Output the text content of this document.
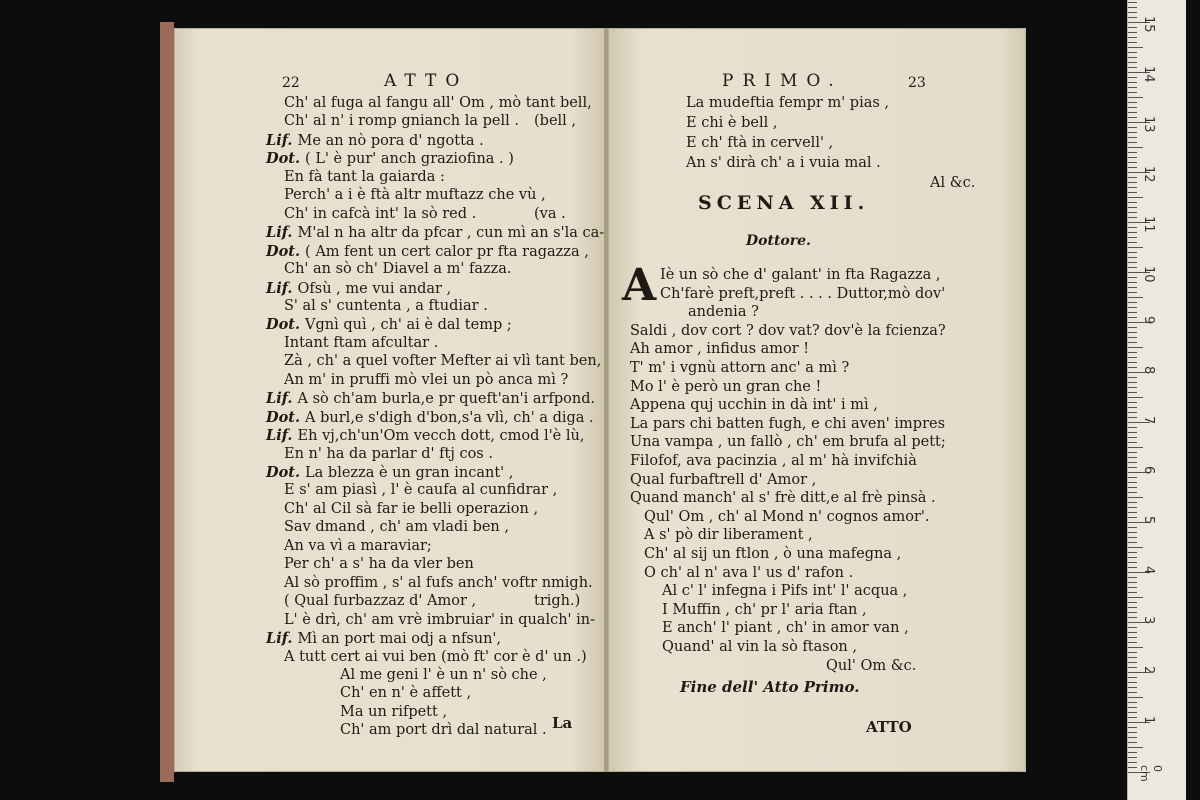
22	ATTO
Ch' al fuga al fangu all' Om , mò tant bell,
Ch' al n' i romp gnianch la pell . (bell ,
Lif. Me an nò pora d' ngotta .
Dot. ( L' è pur' anch graziofina . )
En fà tant la gaiarda :
Perch' a i è ftà altr muftazz che vù ,
Ch' in cafcà int' la sò red .	(va .
Lif. M'al n ha altr da pfcar , cun mì an s'la ca-
Dot. ( Am fent un cert calor pr fta ragazza ,
Ch' an sò ch' Diavel a m' fazza.
Lif. Ofsù , me vui andar ,
S' al s' cuntenta , a ftudiar .
Dot. Vgnì quì , ch' ai è dal temp ;
Intant ftam afcultar .
Zà , ch' a quel vofter Mefter ai vlì tant ben,
An m' in pruffi mò vlei un pò anca mì ?
Lif. A sò ch'am burla,e pr queft'an'i arfpond.
Dot. A burl,e s'digh d'bon,s'a vlì, ch' a diga .
Lif. Eh vj,ch'un'Om vecch dott, cmod l'è lù,
En n' ha da parlar d' ftj cos .
Dot. La blezza è un gran incant' ,
E s' am piasì , l' è caufa al cunfidrar ,
Ch' al Cil sà far ie belli operazion ,
Sav dmand , ch' am vladi ben ,
An va vì a maraviar;
Per ch' a s' ha da vler ben
Al sò proffim , s' al fufs anch' voftr nmigh.
( Qual furbazzaz d' Amor ,	trigh.)
L' è drì, ch' am vrè imbruiar' in qualch' in-
Lif. Mì an port mai odj a nfsun',
A tutt cert ai vui ben (mò ft' cor è d' un .)
Al me geni l' è un n' sò che ,
Ch' en n' è affett ,
Ma un rifpett ,
Ch' am port drì dal natural . La
PRIMO.	23
La mudeftia fempr m' pias ,
E chi è bell ,
E ch' ftà in cervell' ,
An s' dirà ch' a i vuia mal .
Al &c.
SCENA XII.
Dottore.
A Iè un sò che d' galant' in fta Ragazza ,
Ch'farè preft,preft . . . . Duttor,mò dov'
andenia ?
Saldi , dov cort ? dov vat? dov'è la fcienza?
Ah amor , infidus amor !
T' m' i vgnù attorn anc' a mì ?
Mo l' è però un gran che !
Appena quj ucchin in dà int' i mì ,
La pars chi batten fugh, e chi aven' impres
Una vampa , un fallò , ch' em brufa al pett;
Filofof, ava pacinzia , al m' hà invifchià
Qual furbaftrell d' Amor ,
Quand manch' al s' frè ditt,e al frè pinsà .
Qul' Om , ch' al Mond n' cognos amor'.
A s' pò dir liberament ,
Ch' al sij un ftlon , ò una mafegna ,
O ch' al n' ava l' us d' rafon .
Al c' l' infegna i Pifs int' l' acqua ,
I Muffin , ch' pr l' aria ftan ,
E anch' l' piant , ch' in amor van ,
Quand' al vin la sò ftason ,
Qul' Om &c.
Fine dell' Atto Primo.
ATTO	1
2
3
4
5
6
7
8
9
10
11
12
13
14
15
0 cm
